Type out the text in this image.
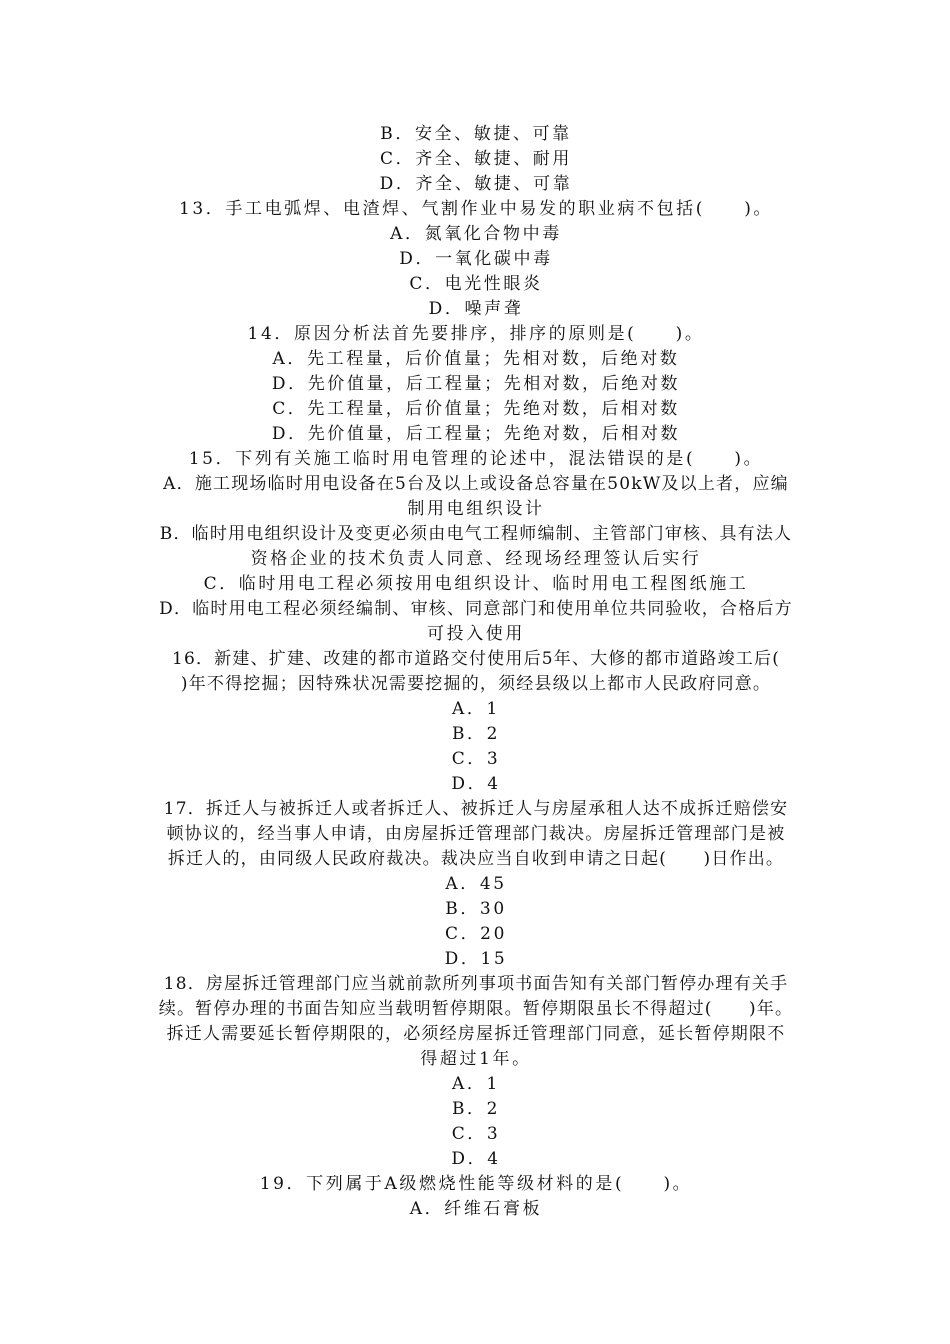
B．安全、敏捷、可靠
C．齐全、敏捷、耐用
D．齐全、敏捷、可靠
13．手工电弧焊、电渣焊、气割作业中易发的职业病不包括(　　)。
A．氮氧化合物中毒
D．一氧化碳中毒
C．电光性眼炎
D．噪声聋
14．原因分析法首先要排序，排序的原则是(　　)。
A．先工程量，后价值量；先相对数，后绝对数
D．先价值量，后工程量；先相对数，后绝对数
C．先工程量，后价值量；先绝对数，后相对数
D．先价值量，后工程量；先绝对数，后相对数
15．下列有关施工临时用电管理的论述中，混法错误的是(　　)。
A．施工现场临时用电设备在5台及以上或设备总容量在50kW及以上者，应编
制用电组织设计
B．临时用电组织设计及变更必须由电气工程师编制、主管部门审核、具有法人
资格企业的技术负责人同意、经现场经理签认后实行
C．临时用电工程必须按用电组织设计、临时用电工程图纸施工
D．临时用电工程必须经编制、审核、同意部门和使用单位共同验收，合格后方
可投入使用
16．新建、扩建、改建的都市道路交付使用后5年、大修的都市道路竣工后(
)年不得挖掘；因特殊状况需要挖掘的，须经县级以上都市人民政府同意。
A．1
B．2
C．3
D．4
17．拆迁人与被拆迁人或者拆迁人、被拆迁人与房屋承租人达不成拆迁赔偿安
顿协议的，经当事人申请，由房屋拆迁管理部门裁决。房屋拆迁管理部门是被
拆迁人的，由同级人民政府裁决。裁决应当自收到申请之日起(　　)日作出。
A．45
B．30
C．20
D．15
18．房屋拆迁管理部门应当就前款所列事项书面告知有关部门暂停办理有关手
续。暂停办理的书面告知应当载明暂停期限。暂停期限虽长不得超过(　　)年。
拆迁人需要延长暂停期限的，必须经房屋拆迁管理部门同意，延长暂停期限不
得超过1年。
A．1
B．2
C．3
D．4
19．下列属于A级燃烧性能等级材料的是(　　)。
A．纤维石膏板
